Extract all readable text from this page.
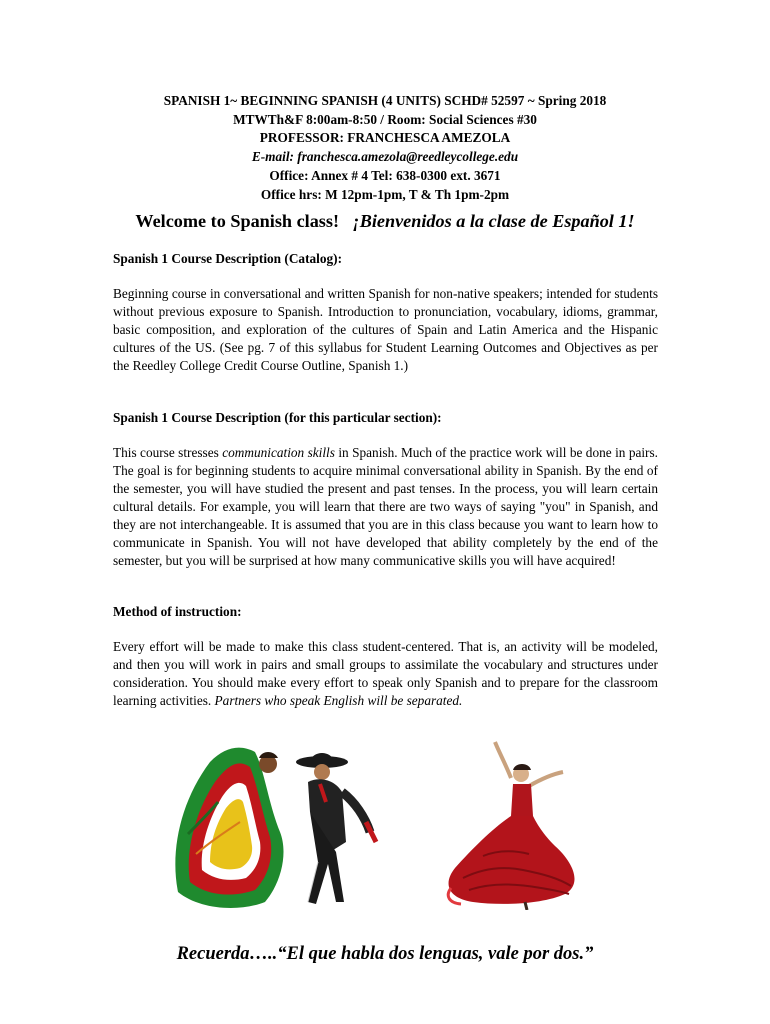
SPANISH 1~ BEGINNING SPANISH (4 UNITS) SCHD# 52597 ~ Spring 2018
MTWTh&F 8:00am-8:50 / Room: Social Sciences #30
PROFESSOR: FRANCHESCA AMEZOLA
E-mail: franchesca.amezola@reedleycollege.edu
Office: Annex # 4 Tel: 638-0300 ext. 3671
Office hrs: M 12pm-1pm, T & Th 1pm-2pm
Welcome to Spanish class! ¡Bienvenidos a la clase de Español 1!
Spanish 1 Course Description (Catalog):
Beginning course in conversational and written Spanish for non-native speakers; intended for students without previous exposure to Spanish. Introduction to pronunciation, vocabulary, idioms, grammar, basic composition, and exploration of the cultures of Spain and Latin America and the Hispanic cultures of the US. (See pg. 7 of this syllabus for Student Learning Outcomes and Objectives as per the Reedley College Credit Course Outline, Spanish 1.)
Spanish 1 Course Description (for this particular section):
This course stresses communication skills in Spanish. Much of the practice work will be done in pairs. The goal is for beginning students to acquire minimal conversational ability in Spanish. By the end of the semester, you will have studied the present and past tenses. In the process, you will learn certain cultural details. For example, you will learn that there are two ways of saying "you" in Spanish, and they are not interchangeable. It is assumed that you are in this class because you want to learn how to communicate in Spanish. You will not have developed that ability completely by the end of the semester, but you will be surprised at how many communicative skills you will have acquired!
Method of instruction:
Every effort will be made to make this class student-centered. That is, an activity will be modeled, and then you will work in pairs and small groups to assimilate the vocabulary and structures under consideration. You should make every effort to speak only Spanish and to prepare for the classroom learning activities. Partners who speak English will be separated.
Recuerda…..“El que habla dos lenguas, vale por dos.”
